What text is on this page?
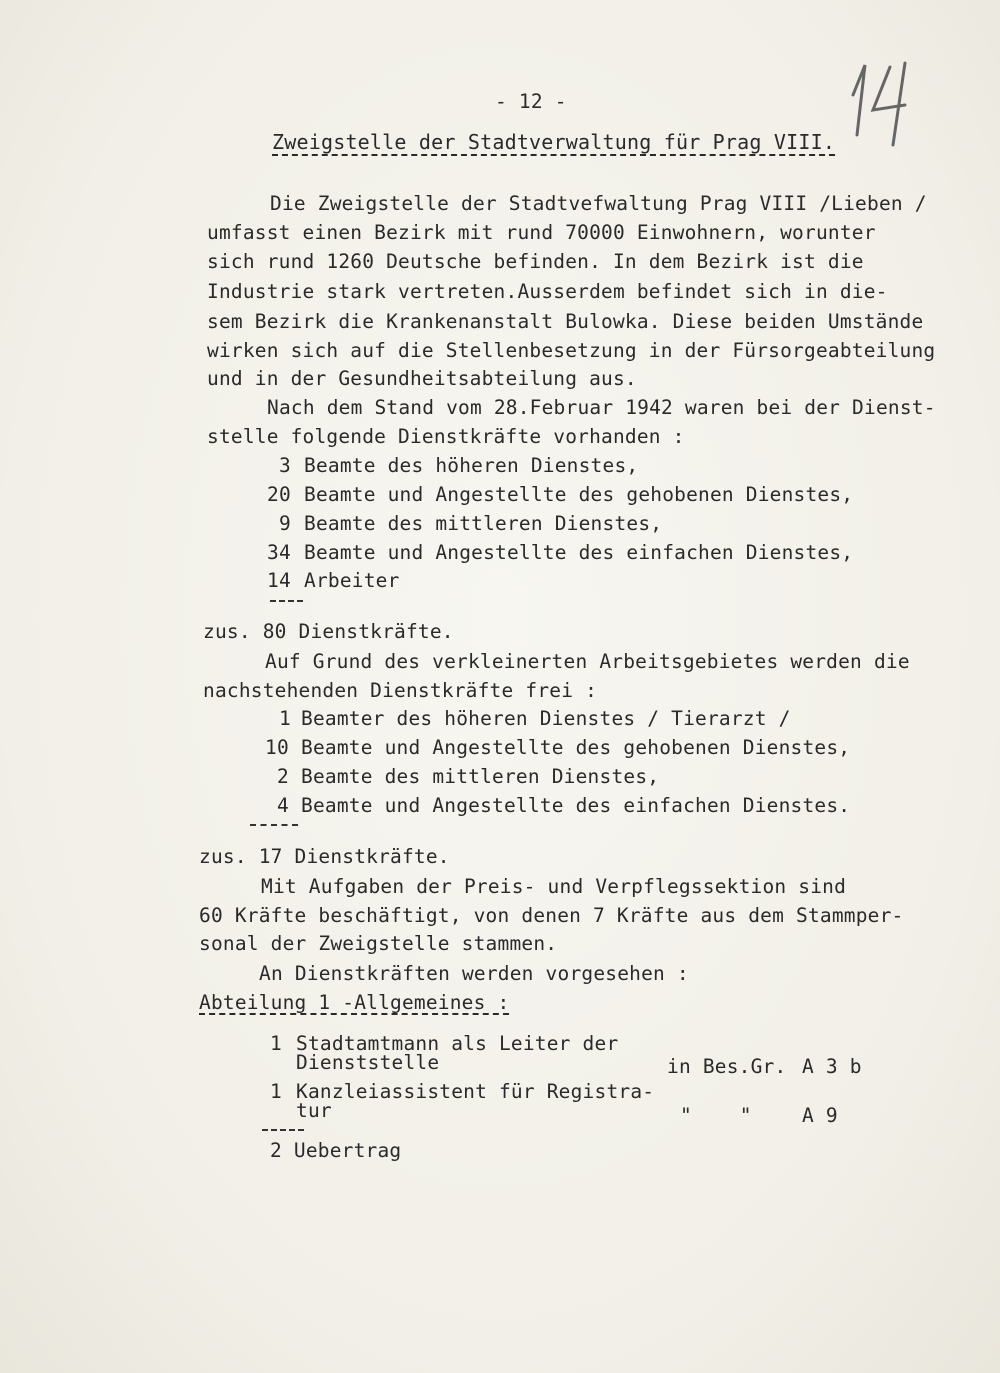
- 12 -
Zweigstelle der Stadtverwaltung für Prag VIII.
Die Zweigstelle der Stadtvefwaltung Prag VIII /Lieben /
umfasst einen Bezirk mit rund 70000 Einwohnern, worunter
sich rund 1260 Deutsche befinden. In dem Bezirk ist die
Industrie stark vertreten.Ausserdem befindet sich in die-
sem Bezirk die Krankenanstalt Bulowka. Diese beiden Umstände
wirken sich auf die Stellenbesetzung in der Fürsorgeabteilung
und in der Gesundheitsabteilung aus.
Nach dem Stand vom 28.Februar 1942 waren bei der Dienst-
stelle folgende Dienstkräfte vorhanden :
3 Beamte des höheren Dienstes,
20 Beamte und Angestellte des gehobenen Dienstes,
9 Beamte des mittleren Dienstes,
34 Beamte und Angestellte des einfachen Dienstes,
14 Arbeiter
zus. 80 Dienstkräfte.
Auf Grund des verkleinerten Arbeitsgebietes werden die
nachstehenden Dienstkräfte frei :
1 Beamter des höheren Dienstes / Tierarzt /
10 Beamte und Angestellte des gehobenen Dienstes,
2 Beamte des mittleren Dienstes,
4 Beamte und Angestellte des einfachen Dienstes.
zus. 17 Dienstkräfte.
Mit Aufgaben der Preis- und Verpflegssektion sind
60 Kräfte beschäftigt, von denen 7 Kräfte aus dem Stammper-
sonal der Zweigstelle stammen.
An Dienstkräften werden vorgesehen :
Abteilung 1 -Allgemeines :
1 Stadtamtmann als Leiter der
Dienststelle	in Bes.Gr. A 3 b
1 Kanzleiassistent für Registra-
tur	"    "	A 9
2 Uebertrag
